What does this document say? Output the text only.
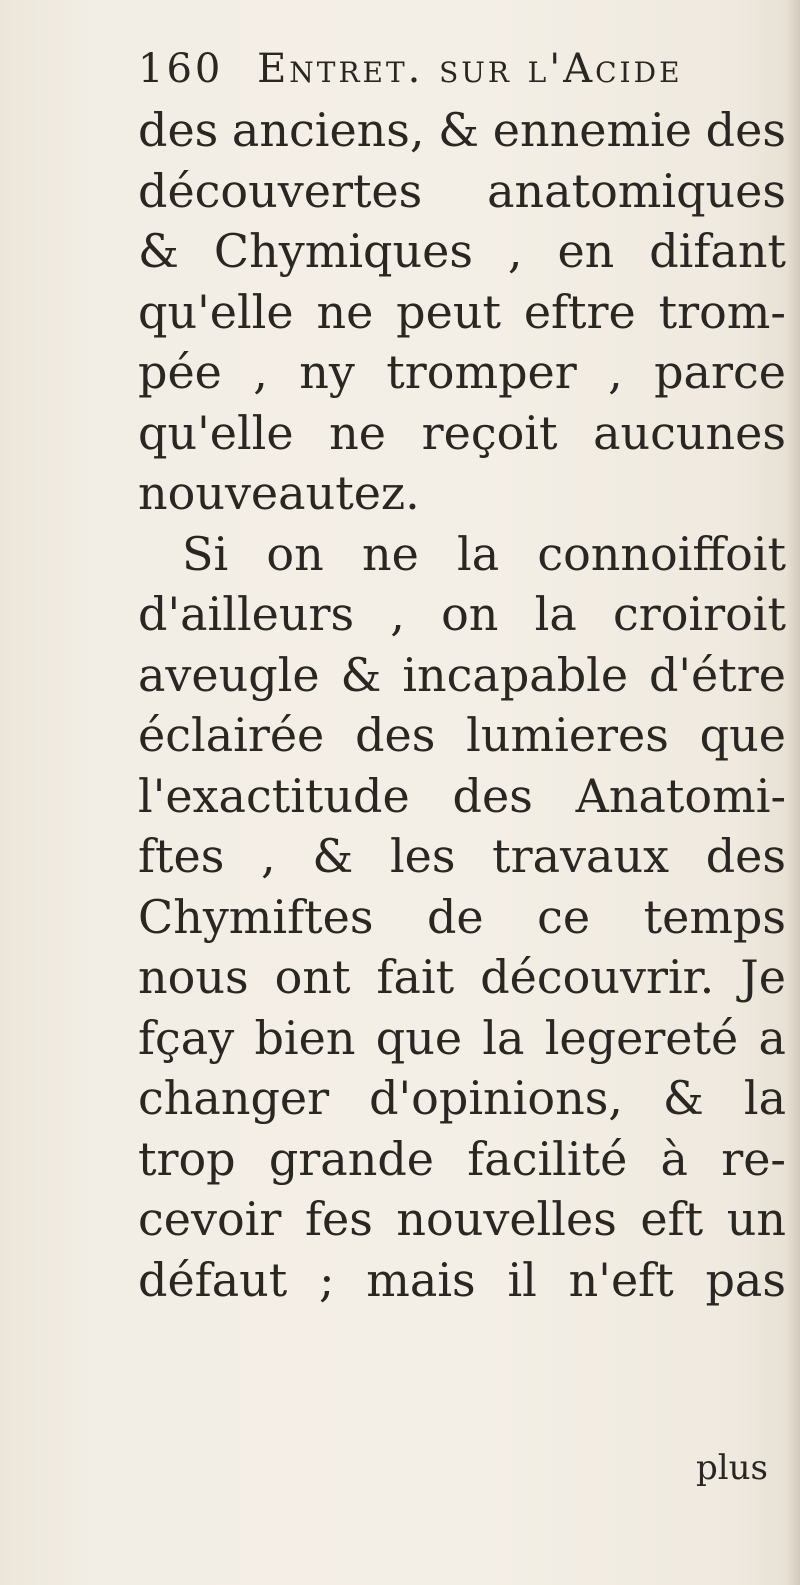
160 Entret. sur l'Acide
des anciens, & ennemie des
découvertes anatomiques
& Chymiques , en difant
qu'elle ne peut eftre trom-
pée , ny tromper , parce
qu'elle ne reçoit aucunes
nouveautez.
Si on ne la connoiffoit
d'ailleurs , on la croiroit
aveugle & incapable d'étre
éclairée des lumieres que
l'exactitude des Anatomi-
ftes , & les travaux des
Chymiftes de ce temps
nous ont fait découvrir. Je
fçay bien que la legereté a
changer d'opinions, & la
trop grande facilité à re-
cevoir fes nouvelles eft un
défaut ; mais il n'eft pas
plus
